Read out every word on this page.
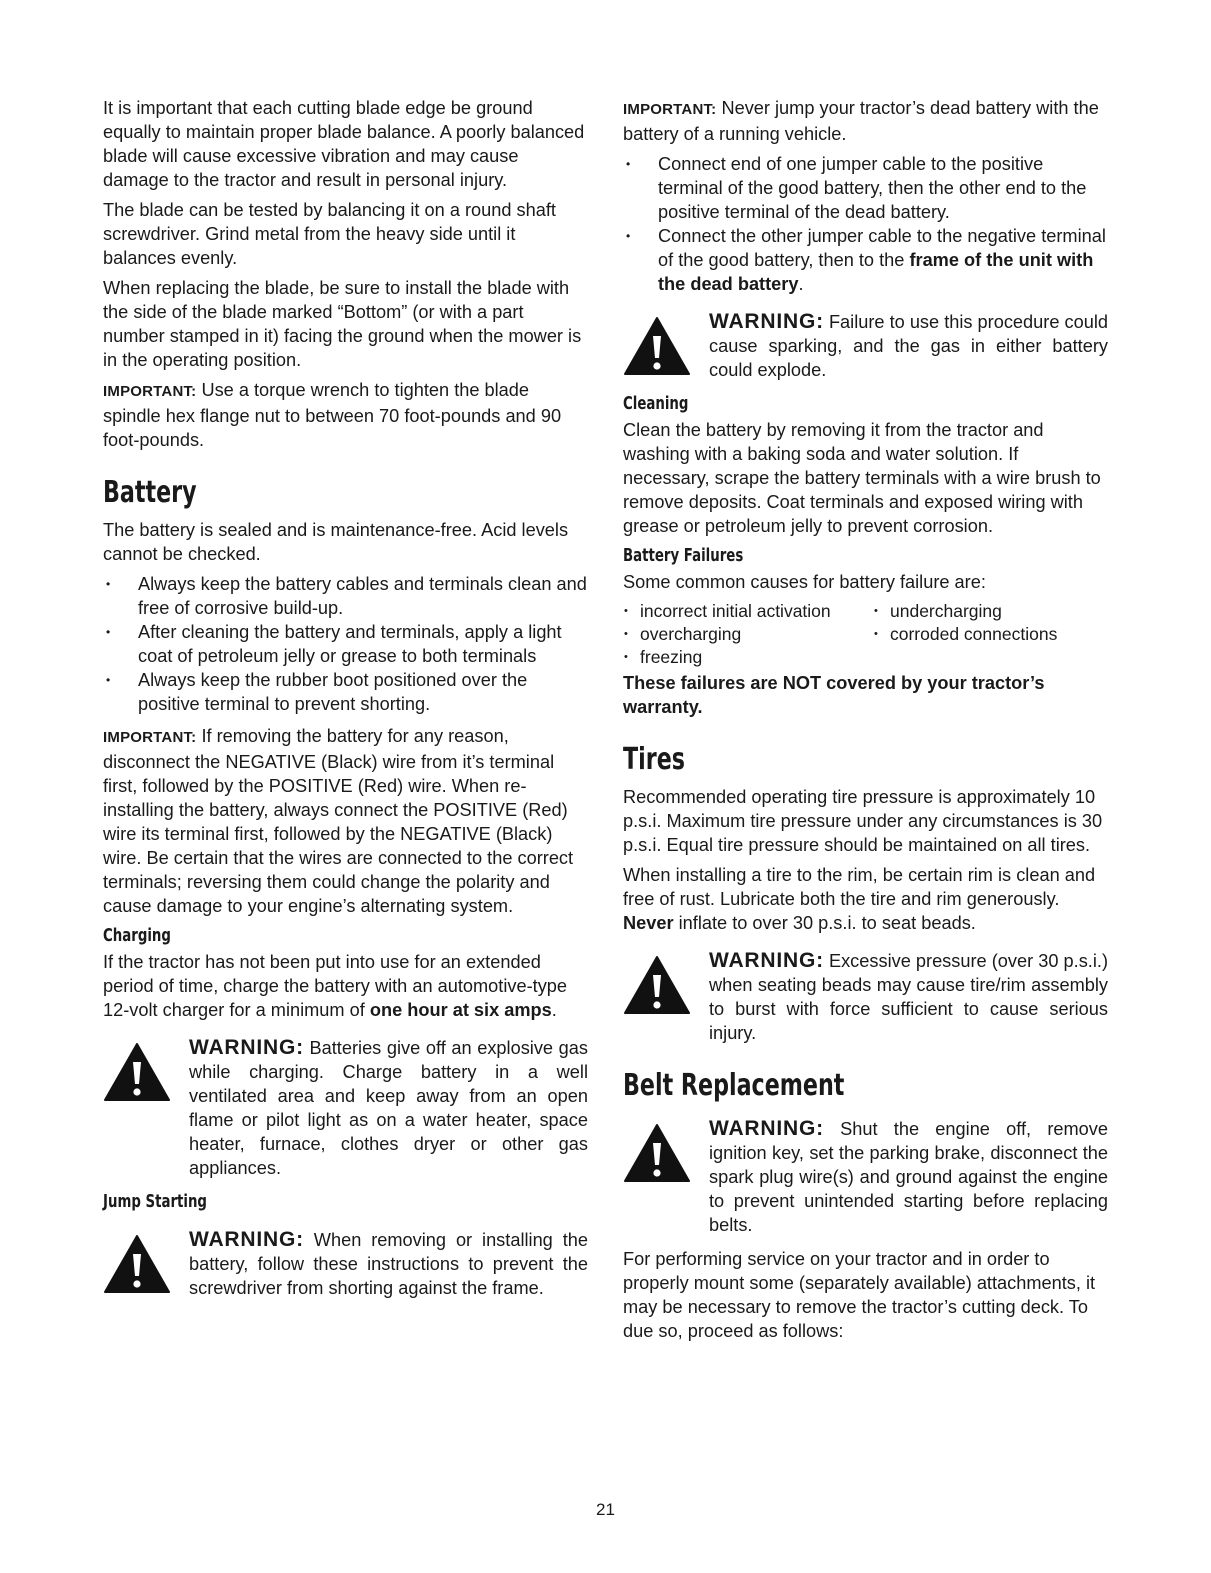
It is important that each cutting blade edge be ground equally to maintain proper blade balance. A poorly balanced blade will cause excessive vibration and may cause damage to the tractor and result in personal injury.

The blade can be tested by balancing it on a round shaft screwdriver. Grind metal from the heavy side until it balances evenly.

When replacing the blade, be sure to install the blade with the side of the blade marked “Bottom” (or with a part number stamped in it) facing the ground when the mower is in the operating position.

IMPORTANT: Use a torque wrench to tighten the blade spindle hex flange nut to between 70 foot-pounds and 90 foot-pounds.

Battery

The battery is sealed and is maintenance-free. Acid levels cannot be checked.

• Always keep the battery cables and terminals clean and free of corrosive build-up.
• After cleaning the battery and terminals, apply a light coat of petroleum jelly or grease to both terminals
• Always keep the rubber boot positioned over the positive terminal to prevent shorting.

IMPORTANT: If removing the battery for any reason, disconnect the NEGATIVE (Black) wire from it’s terminal first, followed by the POSITIVE (Red) wire. When re-installing the battery, always connect the POSITIVE (Red) wire its terminal first, followed by the NEGATIVE (Black) wire. Be certain that the wires are connected to the correct terminals; reversing them could change the polarity and cause damage to your engine’s alternating system.

Charging

If the tractor has not been put into use for an extended period of time, charge the battery with an automotive-type 12-volt charger for a minimum of one hour at six amps.

WARNING: Batteries give off an explosive gas while charging. Charge battery in a well ventilated area and keep away from an open flame or pilot light as on a water heater, space heater, furnace, clothes dryer or other gas appliances.
Jump Starting
WARNING: When removing or installing the battery, follow these instructions to prevent the screwdriver from shorting against the frame.

IMPORTANT: Never jump your tractor’s dead battery with the battery of a running vehicle.

• Connect end of one jumper cable to the positive terminal of the good battery, then the other end to the positive terminal of the dead battery.
• Connect the other jumper cable to the negative terminal of the good battery, then to the frame of the unit with the dead battery.
WARNING: Failure to use this procedure could cause sparking, and the gas in either battery could explode.
Cleaning

Clean the battery by removing it from the tractor and washing with a baking soda and water solution. If necessary, scrape the battery terminals with a wire brush to remove deposits. Coat terminals and exposed wiring with grease or petroleum jelly to prevent corrosion.

Battery Failures

Some common causes for battery failure are:

• incorrect initial activation	• undercharging
• overcharging	• corroded connections
• freezing

These failures are NOT covered by your tractor’s warranty.

Tires

Recommended operating tire pressure is approximately 10 p.s.i. Maximum tire pressure under any circumstances is 30 p.s.i. Equal tire pressure should be maintained on all tires.

When installing a tire to the rim, be certain rim is clean and free of rust. Lubricate both the tire and rim generously. Never inflate to over 30 p.s.i. to seat beads.

WARNING: Excessive pressure (over 30 p.s.i.) when seating beads may cause tire/rim assembly to burst with force sufficient to cause serious injury.
Belt Replacement
WARNING: Shut the engine off, remove ignition key, set the parking brake, disconnect the spark plug wire(s) and ground against the engine to prevent unintended starting before replacing belts.

For performing service on your tractor and in order to properly mount some (separately available) attachments, it may be necessary to remove the tractor’s cutting deck. To due so, proceed as follows:

21
